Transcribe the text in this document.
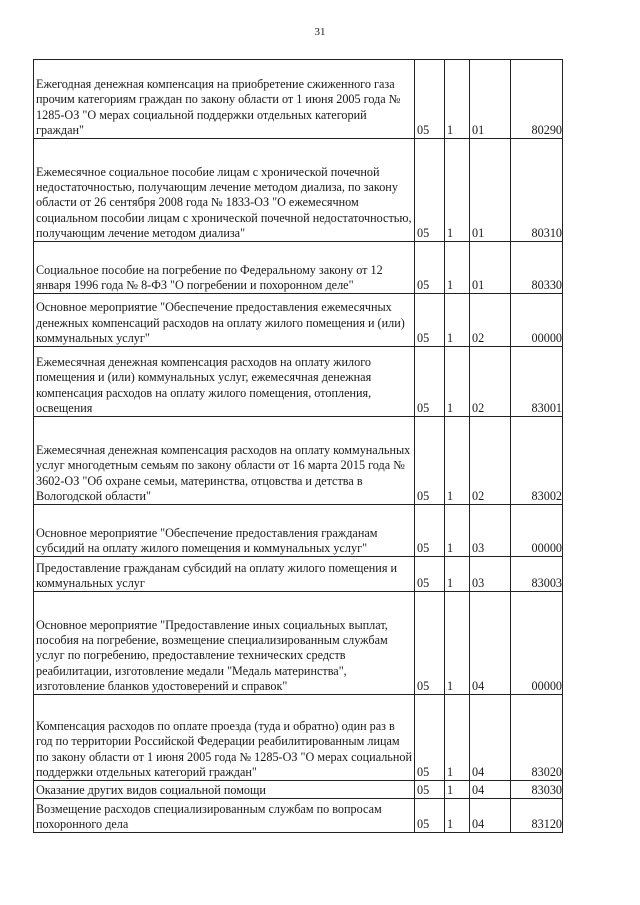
31
Ежегодная денежная компенсация на приобретение сжиженного газа прочим категориям граждан по закону области от 1 июня 2005 года № 1285-ОЗ "О мерах социальной поддержки отдельных категорий граждан"	05	1	01	80290
Ежемесячное социальное пособие лицам с хронической почечной недостаточностью, получающим лечение методом диализа, по закону области от 26 сентября 2008 года № 1833-ОЗ "О ежемесячном социальном пособии лицам с хронической почечной недостаточностью, получающим лечение методом диализа"	05	1	01	80310
Социальное пособие на погребение по Федеральному закону от 12 января 1996 года № 8-ФЗ "О погребении и похоронном деле"	05	1	01	80330
Основное мероприятие "Обеспечение предоставления ежемесячных денежных компенсаций расходов на оплату жилого помещения и (или) коммунальных услуг"	05	1	02	00000
Ежемесячная денежная компенсация расходов на оплату жилого помещения и (или) коммунальных услуг, ежемесячная денежная компенсация расходов на оплату жилого помещения, отопления, освещения	05	1	02	83001
Ежемесячная денежная компенсация расходов на оплату коммунальных услуг многодетным семьям по закону области от 16 марта 2015 года № 3602-ОЗ "Об охране семьи, материнства, отцовства и детства в Вологодской области"	05	1	02	83002
Основное мероприятие "Обеспечение предоставления гражданам субсидий на оплату жилого помещения и коммунальных услуг"	05	1	03	00000
Предоставление гражданам субсидий на оплату жилого помещения и коммунальных услуг	05	1	03	83003
Основное мероприятие "Предоставление иных социальных выплат, пособия на погребение, возмещение специализированным службам услуг по погребению, предоставление технических средств реабилитации, изготовление медали "Медаль материнства", изготовление бланков удостоверений и справок"	05	1	04	00000
Компенсация расходов по оплате проезда (туда и обратно) один раз в год по территории Российской Федерации реабилитированным лицам по закону области от 1 июня 2005 года № 1285-ОЗ "О мерах социальной поддержки отдельных категорий граждан"	05	1	04	83020
Оказание других видов социальной помощи	05	1	04	83030
Возмещение расходов специализированным службам по вопросам похоронного дела	05	1	04	83120
